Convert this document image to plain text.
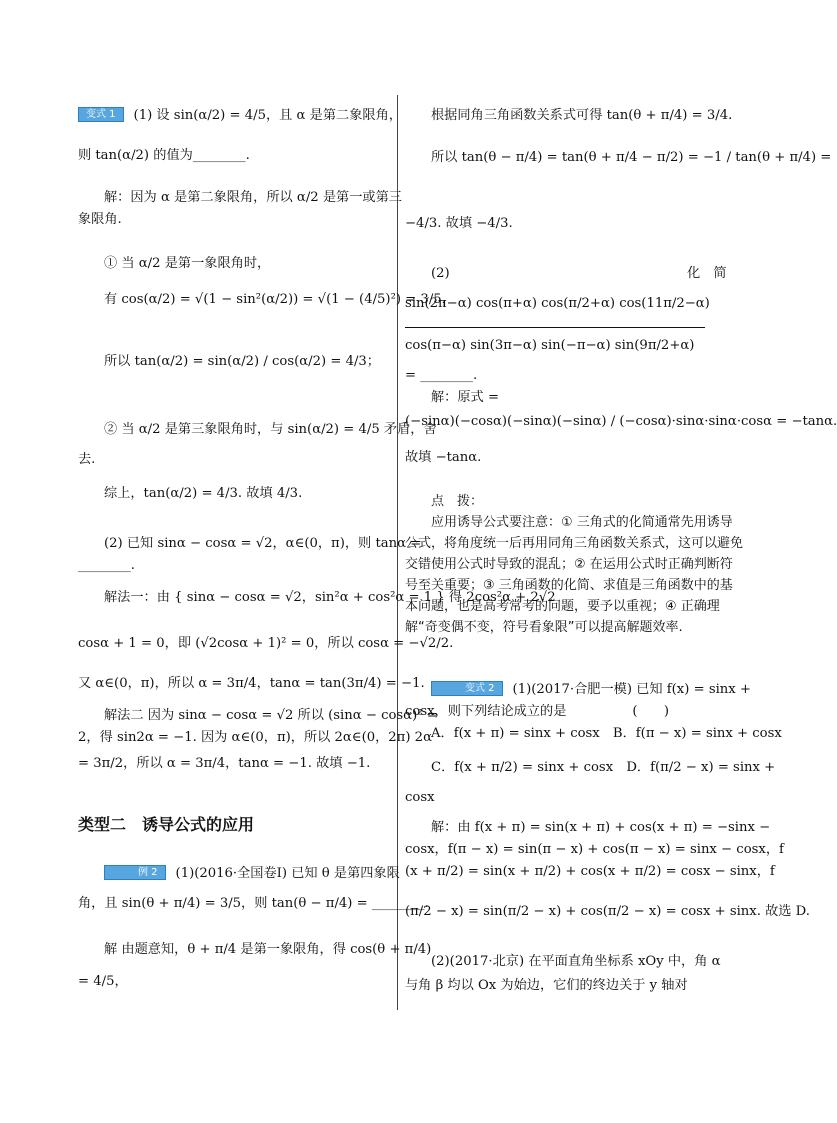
变式 1 (1) 设 sin(α/2) = 4/5，且 α 是第二象限角，
则 tan(α/2) 的值为________.
解：因为 α 是第二象限角，所以 α/2 是第一或第三
象限角.
① 当 α/2 是第一象限角时，
有 cos(α/2) = √(1 − sin²(α/2)) = √(1 − (4/5)²) = 3/5，
所以 tan(α/2) = sin(α/2) / cos(α/2) = 4/3；
② 当 α/2 是第三象限角时，与 sin(α/2) = 4/5 矛盾，舍
去.
综上，tan(α/2) = 4/3. 故填 4/3.
(2) 已知 sinα − cosα = √2，α∈(0，π)，则 tanα =
________.
解法一：由 { sinα − cosα = √2，sin²α + cos²α = 1 } 得 2cos²α + 2√2
cosα + 1 = 0，即 (√2cosα + 1)² = 0，所以 cosα = −√2/2.
又 α∈(0，π)，所以 α = 3π/4，tanα = tan(3π/4) = −1.
解法二 因为 sinα − cosα = √2 所以 (sinα − cosα)² =
2，得 sin2α = −1. 因为 α∈(0，π)，所以 2α∈(0，2π) 2α
= 3π/2，所以 α = 3π/4，tanα = −1. 故填 −1.
例 2 (1)(2016·全国卷Ⅰ) 已知 θ 是第四象限
角，且 sin(θ + π/4) = 3/5，则 tan(θ − π/4) = ________.
解 由题意知，θ + π/4 是第一象限角，得 cos(θ + π/4)
= 4/5，
类型二　诱导公式的应用
根据同角三角函数关系式可得 tan(θ + π/4) = 3/4.
所以 tan(θ − π/4) = tan(θ + π/4 − π/2) = −1 / tan(θ + π/4) =
−4/3. 故填 −4/3.
(2)　　　　　　　　　　　　　　　　　　化　简
sin(2π−α) cos(π+α) cos(π/2+α) cos(11π/2−α)
cos(π−α) sin(3π−α) sin(−π−α) sin(9π/2+α)
= ________.
解：原式 =
(−sinα)(−cosα)(−sinα)(−sinα) / (−cosα)·sinα·sinα·cosα = −tanα.
故填 −tanα.
点　拨：
应用诱导公式要注意：① 三角式的化简通常先用诱导公式，将角度统一后再用同角三角函数关系式，这可以避免交错使用公式时导致的混乱；② 在运用公式时正确判断符号至关重要；③ 三角函数的化简、求值是三角函数中的基本问题，也是高考常考的问题，要予以重视；④ 正确理解“奇变偶不变，符号看象限”可以提高解题效率.
变式 2 (1)(2017·合肥一模) 已知 f(x) = sinx +
cosx，则下列结论成立的是　　　　　(　　)
A．f(x + π) = sinx + cosx　B．f(π − x) = sinx + cosx
C．f(x + π/2) = sinx + cosx　D．f(π/2 − x) = sinx +
cosx
解：由 f(x + π) = sin(x + π) + cos(x + π) = −sinx −
cosx，f(π − x) = sin(π − x) + cos(π − x) = sinx − cosx，f
(x + π/2) = sin(x + π/2) + cos(x + π/2) = cosx − sinx，f
(π/2 − x) = sin(π/2 − x) + cos(π/2 − x) = cosx + sinx. 故选 D.
(2)(2017·北京) 在平面直角坐标系 xOy 中，角 α
与角 β 均以 Ox 为始边，它们的终边关于 y 轴对
